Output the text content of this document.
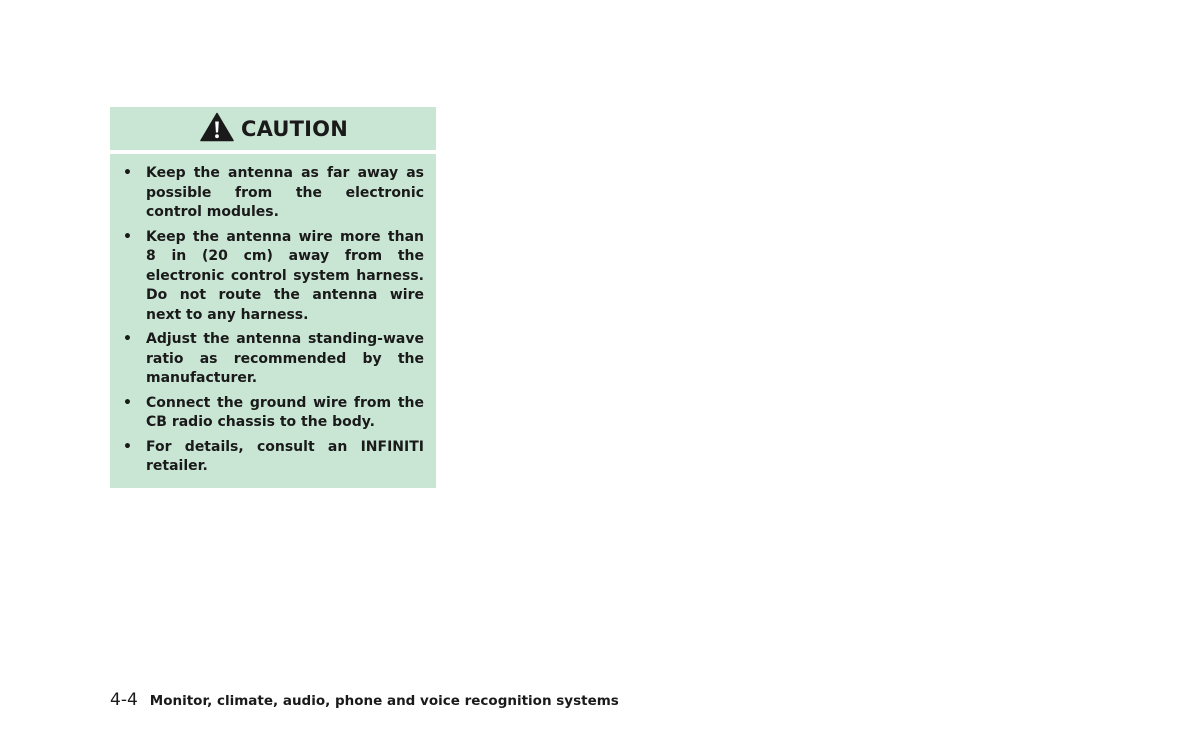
CAUTION
• Keep the antenna as far away as possible from the electronic control modules.
• Keep the antenna wire more than 8 in (20 cm) away from the electronic control system harness. Do not route the antenna wire next to any harness.
• Adjust the antenna standing-wave ratio as recommended by the manufacturer.
• Connect the ground wire from the CB radio chassis to the body.
• For details, consult an INFINITI retailer.
4-4 Monitor, climate, audio, phone and voice recognition systems
